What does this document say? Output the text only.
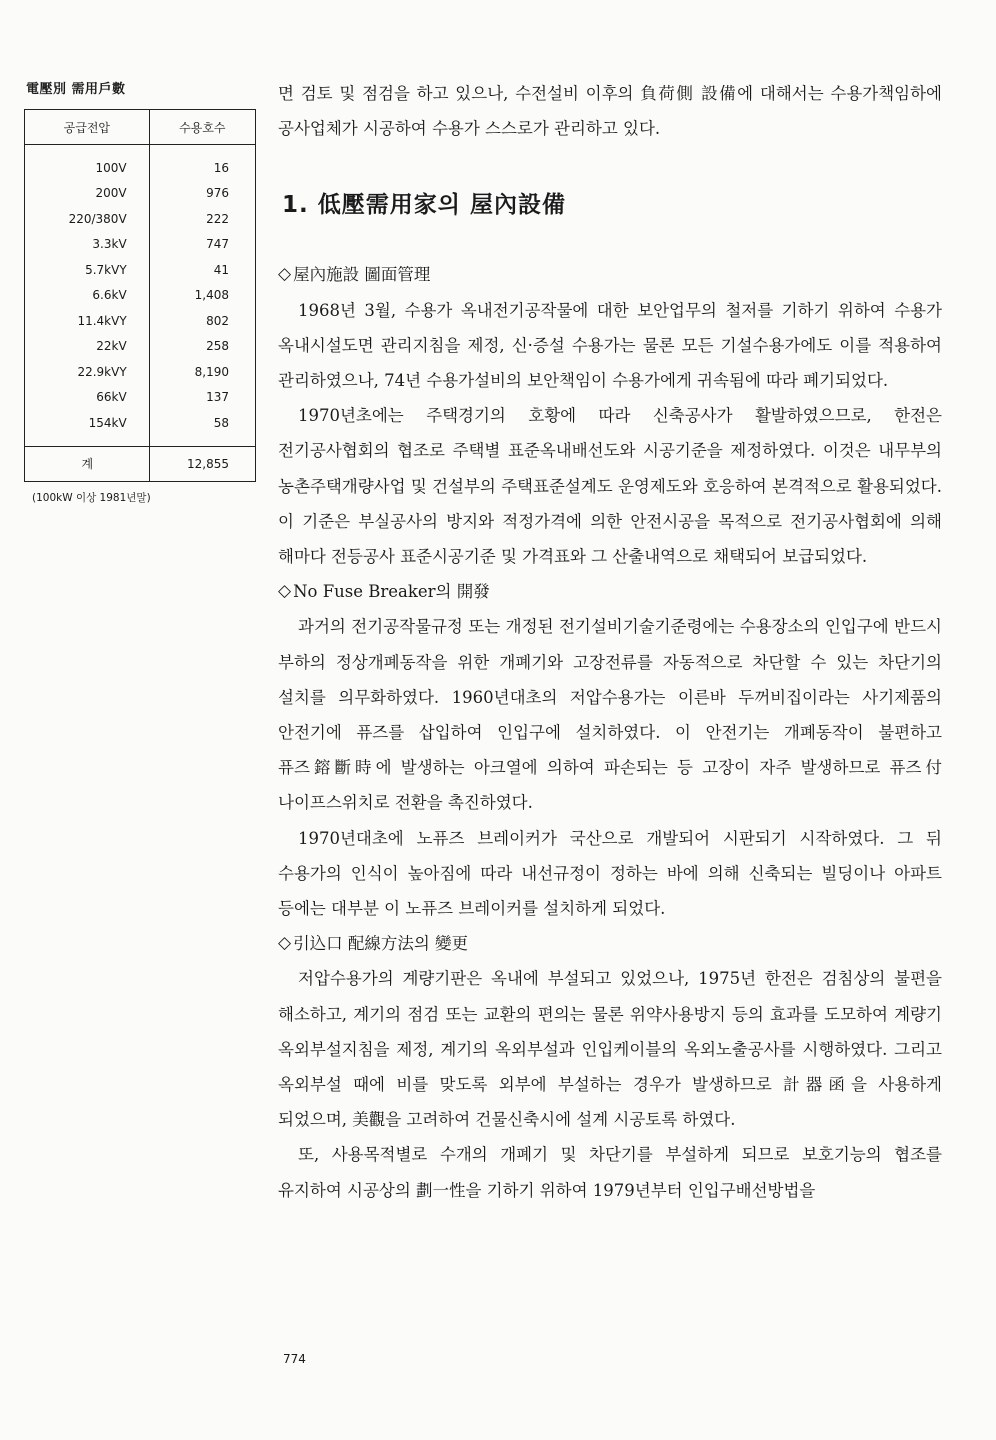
電壓別 需用戶數
공급전압	수용호수

100V	16
200V	976
220/380V	222
3.3kV	747
5.7kVY	41
6.6kV	1,408
11.4kVY	802
22kV	258
22.9kVY	8,190
66kV	137
154kV	58

계	12,855
(100kW 이상 1981년말)

면 검토 및 점검을 하고 있으나, 수전설비 이후의 負荷側 設備에 대해서는 수용가책임하에 공사업체가 시공하여 수용가 스스로가 관리하고 있다.

1. 低壓需用家의 屋內設備
◇ 屋內施設 圖面管理

1968년 3월, 수용가 옥내전기공작물에 대한 보안업무의 철저를 기하기 위하여 수용가 옥내시설도면 관리지침을 제정, 신·증설 수용가는 물론 모든 기설수용가에도 이를 적용하여 관리하였으나, 74년 수용가설비의 보안책임이 수용가에게 귀속됨에 따라 폐기되었다.

1970년초에는 주택경기의 호황에 따라 신축공사가 활발하였으므로, 한전은 전기공사협회의 협조로 주택별 표준옥내배선도와 시공기준을 제정하였다. 이것은 내무부의 농촌주택개량사업 및 건설부의 주택표준설계도 운영제도와 호응하여 본격적으로 활용되었다. 이 기준은 부실공사의 방지와 적정가격에 의한 안전시공을 목적으로 전기공사협회에 의해 해마다 전등공사 표준시공기준 및 가격표와 그 산출내역으로 채택되어 보급되었다.

◇ No Fuse Breaker의 開發

과거의 전기공작물규정 또는 개정된 전기설비기술기준령에는 수용장소의 인입구에 반드시 부하의 정상개폐동작을 위한 개폐기와 고장전류를 자동적으로 차단할 수 있는 차단기의 설치를 의무화하였다. 1960년대초의 저압수용가는 이른바 두꺼비집이라는 사기제품의 안전기에 퓨즈를 삽입하여 인입구에 설치하였다. 이 안전기는 개폐동작이 불편하고 퓨즈鎔斷時에 발생하는 아크열에 의하여 파손되는 등 고장이 자주 발생하므로 퓨즈付 나이프스위치로 전환을 촉진하였다.

1970년대초에 노퓨즈 브레이커가 국산으로 개발되어 시판되기 시작하였다. 그 뒤 수용가의 인식이 높아짐에 따라 내선규정이 정하는 바에 의해 신축되는 빌딩이나 아파트 등에는 대부분 이 노퓨즈 브레이커를 설치하게 되었다.

◇ 引込口 配線方法의 變更

저압수용가의 계량기판은 옥내에 부설되고 있었으나, 1975년 한전은 검침상의 불편을 해소하고, 계기의 점검 또는 교환의 편의는 물론 위약사용방지 등의 효과를 도모하여 계량기 옥외부설지침을 제정, 계기의 옥외부설과 인입케이블의 옥외노출공사를 시행하였다. 그리고 옥외부설 때에 비를 맞도록 외부에 부설하는 경우가 발생하므로 計器函을 사용하게 되었으며, 美觀을 고려하여 건물신축시에 설계 시공토록 하였다.

또, 사용목적별로 수개의 개폐기 및 차단기를 부설하게 되므로 보호기능의 협조를 유지하여 시공상의 劃一性을 기하기 위하여 1979년부터 인입구배선방법을

774
